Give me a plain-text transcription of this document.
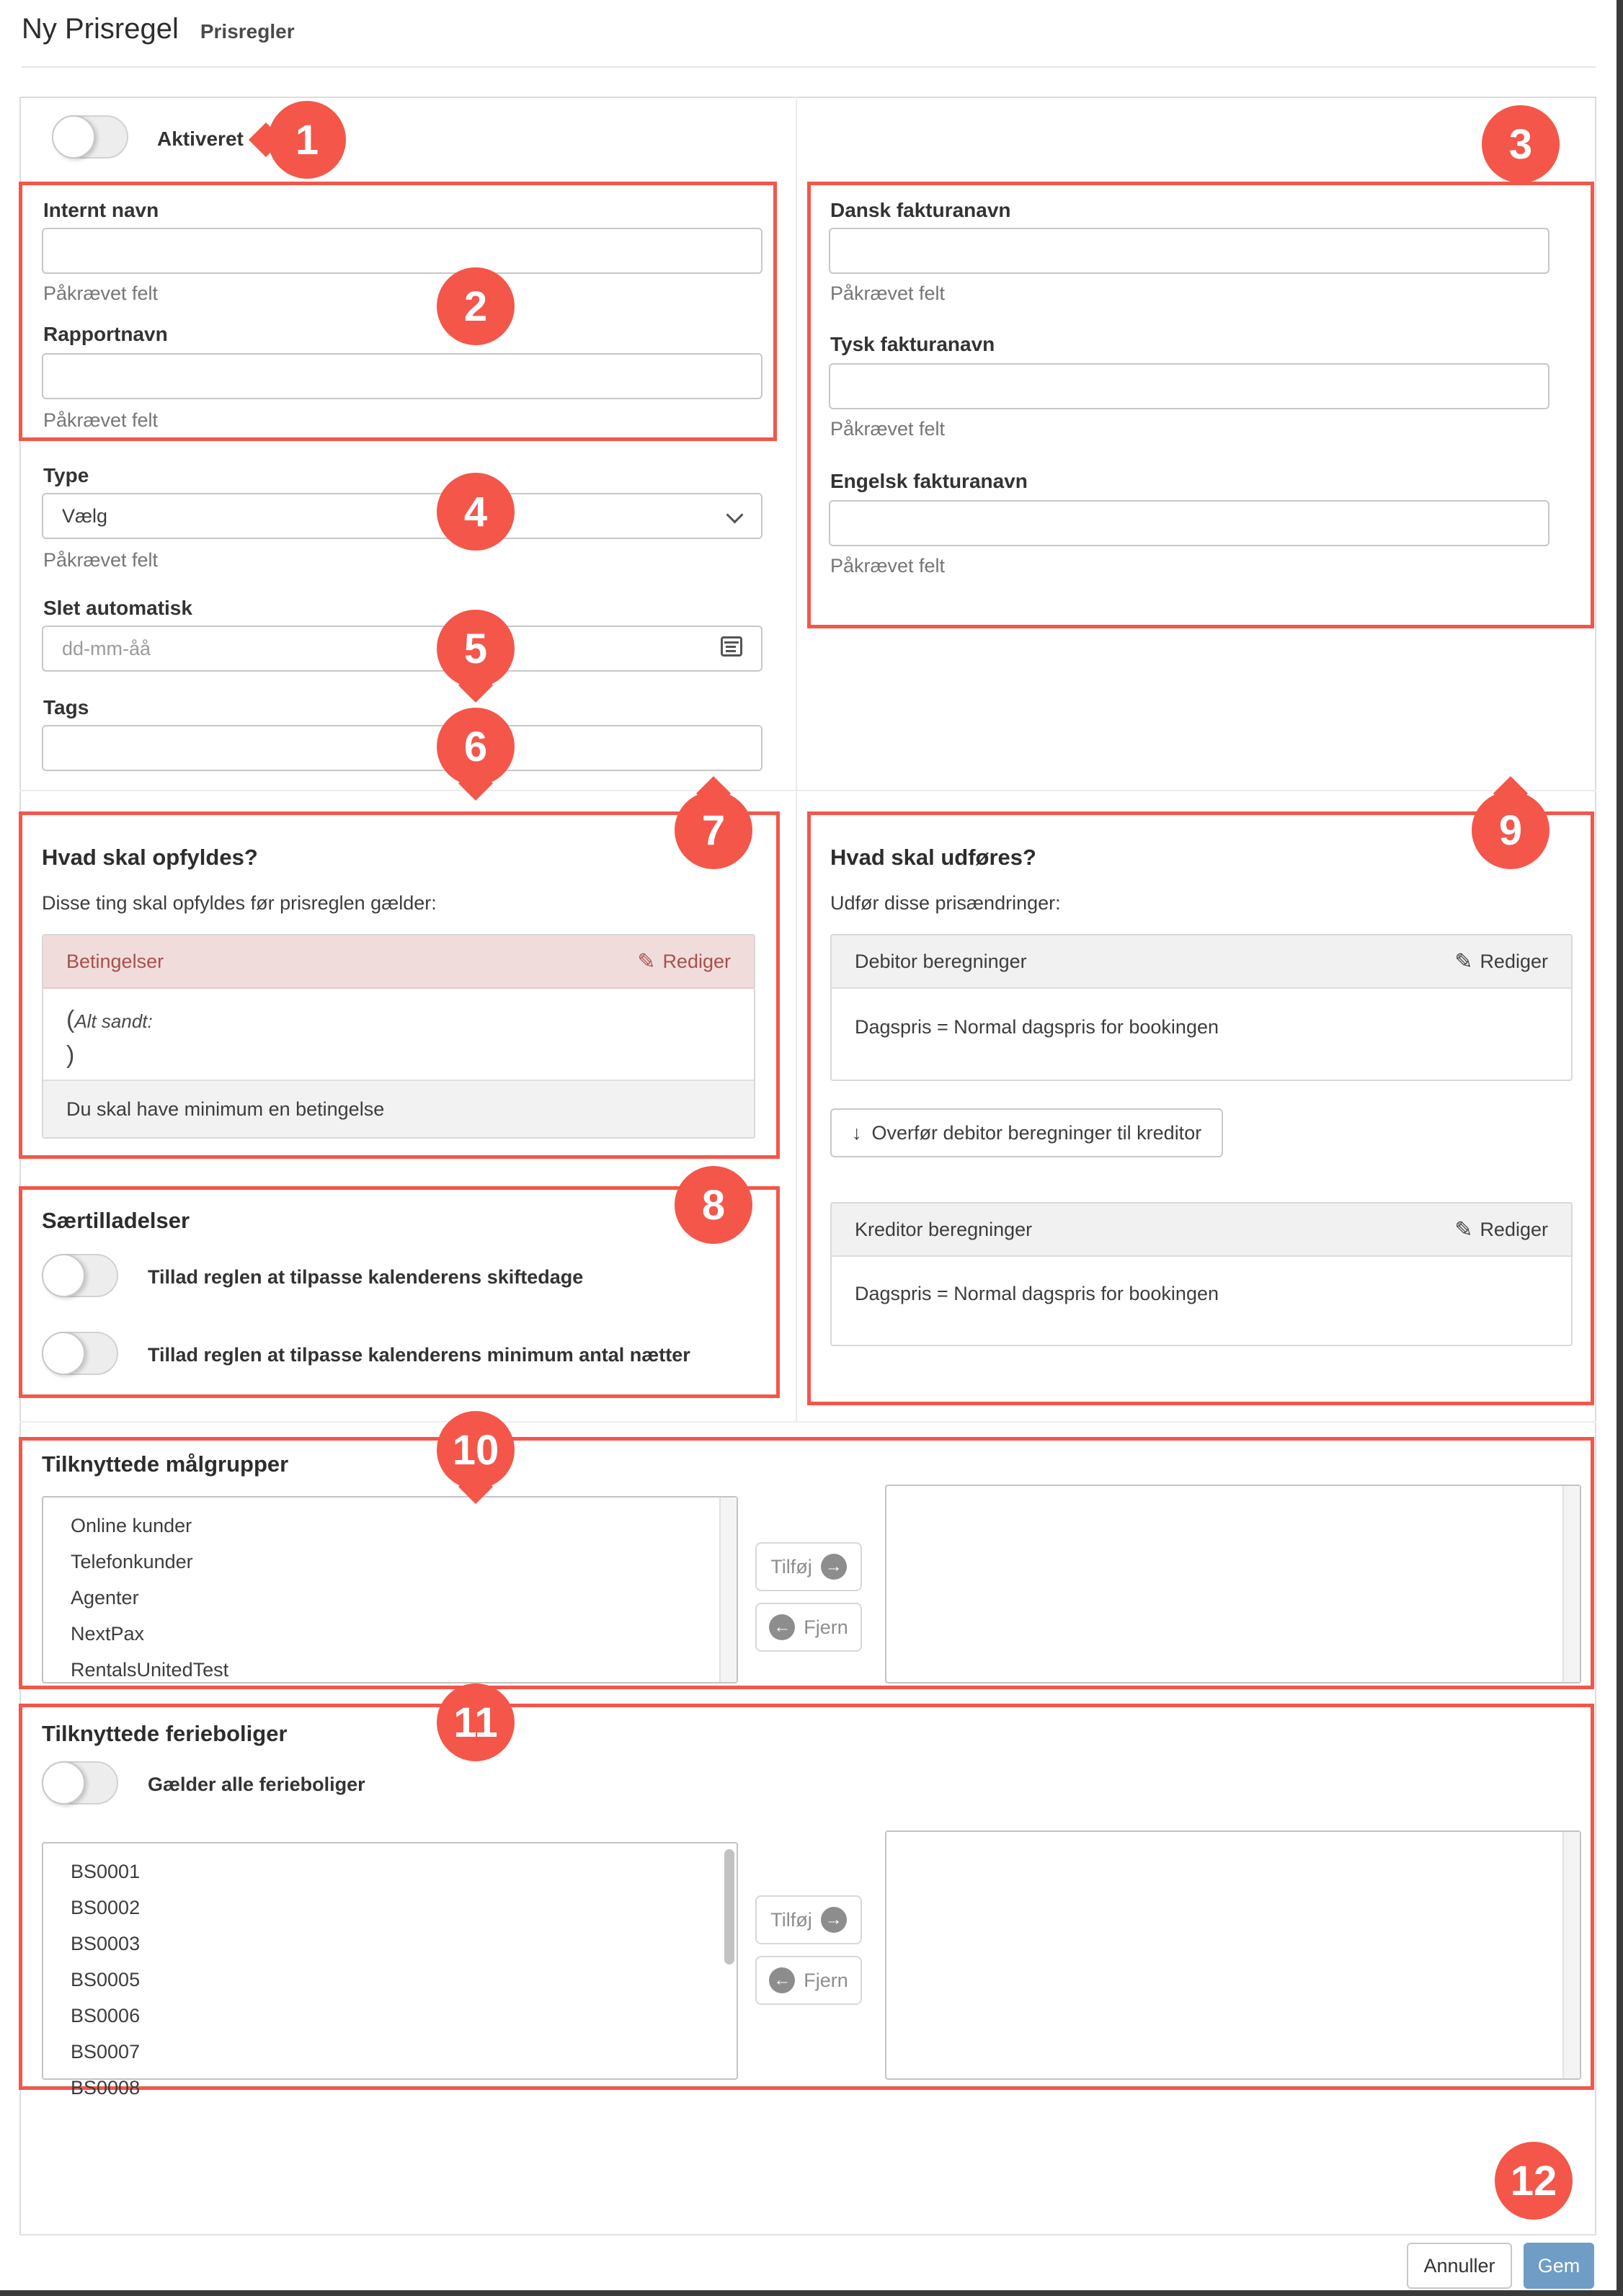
Ny Prisregel Prisregler
Aktiveret
Internt navn
Påkrævet felt
Rapportnavn
Påkrævet felt
Dansk fakturanavn
Påkrævet felt
Tysk fakturanavn
Påkrævet felt
Engelsk fakturanavn
Påkrævet felt
Type
Vælg
Påkrævet felt
Slet automatisk
dd-mm-åå
Tags
Hvad skal opfyldes?
Disse ting skal opfyldes før prisreglen gælder:
Betingelser	✎ Rediger
(Alt sandt:
)
Du skal have minimum en betingelse
Særtilladelser
Tillad reglen at tilpasse kalenderens skiftedage
Tillad reglen at tilpasse kalenderens minimum antal nætter
Hvad skal udføres?
Udfør disse prisændringer:
Debitor beregninger	✎ Rediger
Dagspris = Normal dagspris for bookingen
↓ Overfør debitor beregninger til kreditor
Kreditor beregninger	✎ Rediger
Dagspris = Normal dagspris for bookingen
Tilknyttede målgrupper
Online kunder
Telefonkunder
Agenter
NextPax
RentalsUnitedTest
Tilføj →
← Fjern
Tilknyttede ferieboliger
Gælder alle ferieboliger
BS0001
BS0002
BS0003
BS0005
BS0006
BS0007
BS0008
Tilføj →
← Fjern
Annuller	Gem
1
2
3
4
5
6
7
8
9
10
11
12
